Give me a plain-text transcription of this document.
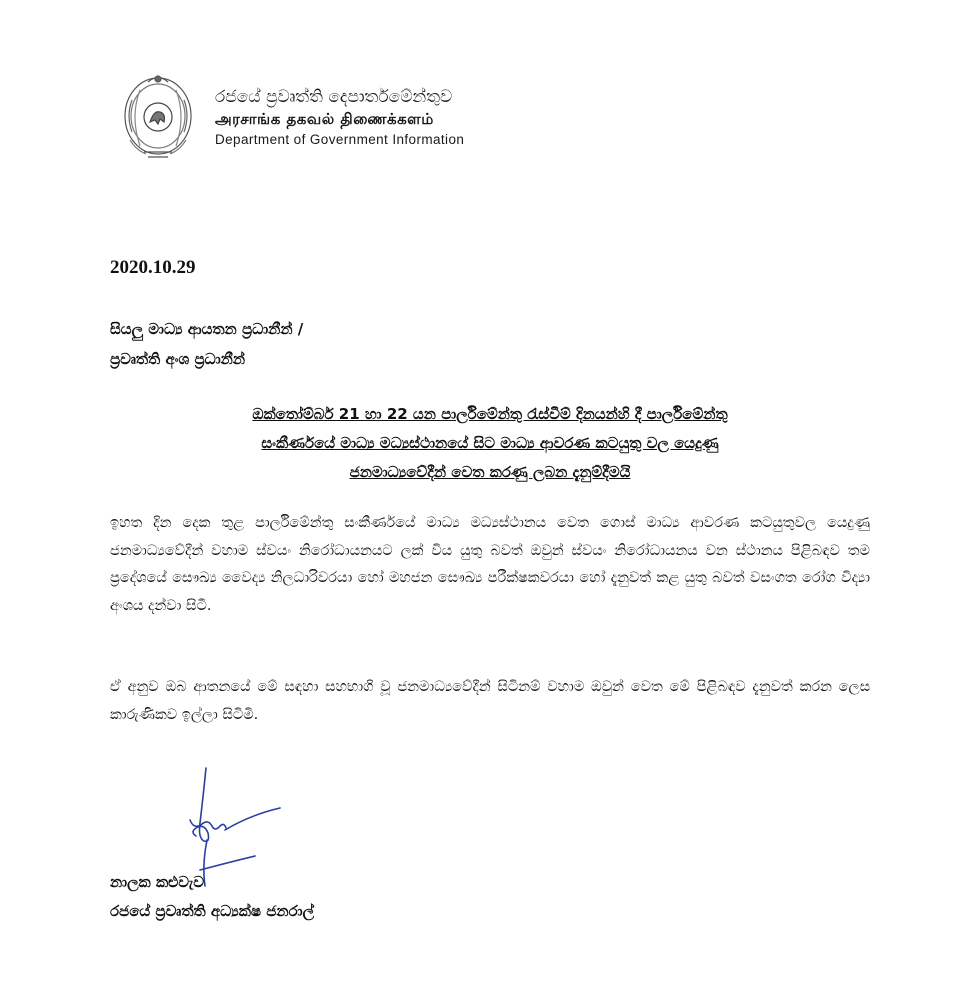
රජයේ ප්‍රවෘත්ති දෙපාර්තමේන්තුව
அரசாங்க தகவல் திணைக்களம்
Department of Government Information
2020.10.29
සියලු මාධ්‍ය ආයතන ප්‍රධානීන් /
ප්‍රවෘත්ති අංශ ප්‍රධානීන්
ඔක්තෝම්බර් 21 හා 22 යන පාර්ලිමේන්තු රැස්වීම් දිනයන්හි දී පාර්ලිමේන්තු
සංකීර්ණයේ මාධ්‍ය මධ්‍යස්ථානයේ සිට මාධ්‍ය ආවරණ කටයුතු වල යෙදුණු
ජනමාධ්‍යවේදීන් වෙත කරණු ලබන දැනුම්දීමයි
ඉහත දින දෙක තුළ පාර්ලිමේන්තු සංකීර්ණයේ මාධ්‍ය මධ්‍යස්ථානය වෙත ගොස් මාධ්‍ය ආවරණ කටයුතුවල යෙදුණු ජනමාධ්‍යවේදීන් වහාම ස්වයං නිරෝධායනයට ලක් විය යුතු බවත් ඔවුන් ස්වයං නිරෝධායනය වන ස්ථානය පිළිබඳව තම ප්‍රදේශයේ සෞඛ්‍ය වෛද්‍ය නිලධාරිවරයා හෝ මහජන සෞඛ්‍ය පරීක්ෂකවරයා හෝ දැනුවත් කළ යුතු බවත් වසංගත රෝග විද්‍යා අංශය දන්වා සිටී.
ඒ අනුව ඔබ ආතනයේ මේ සඳහා සහභාගි වූ ජනමාධ්‍යවේදීන් සිටිනම් වහාම ඔවුන් වෙත මේ පිළිබඳව දැනුවත් කරන ලෙස කාරුණිකව ඉල්ලා සිටිමි.
නාලක කළුවැව
රජයේ ප්‍රවෘත්ති අධ්‍යක්ෂ ජනරාල්
